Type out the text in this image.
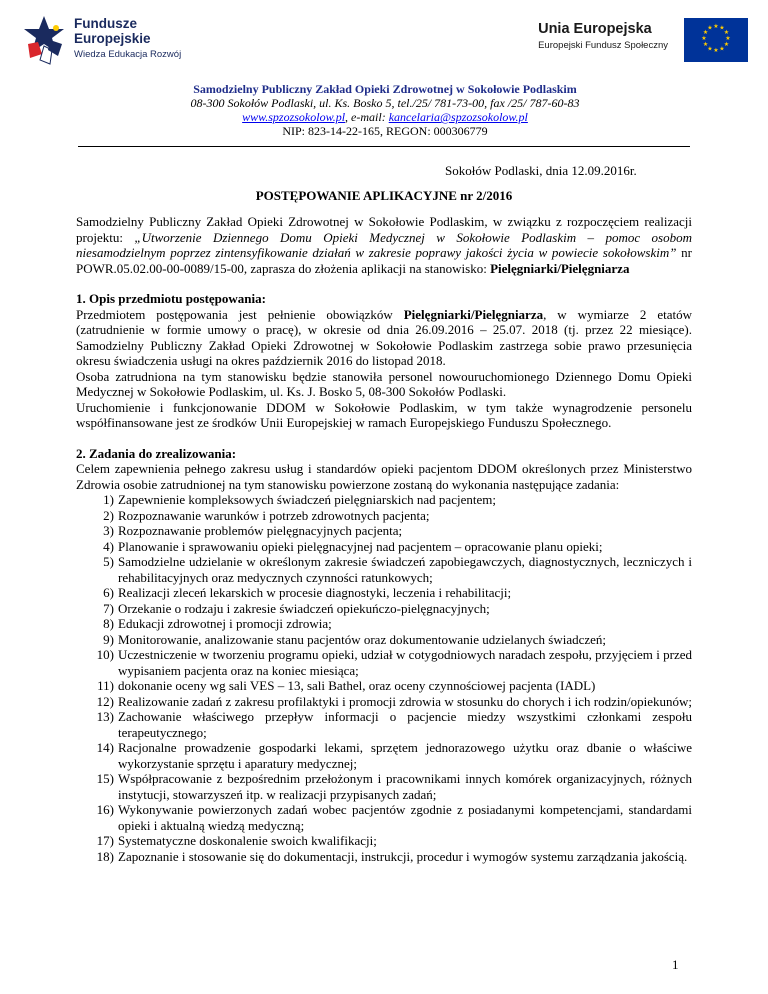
Fundusze
Europejskie
Wiedza Edukacja Rozwój
Unia Europejska
Europejski Fundusz Społeczny
★ ★
★
★
★
★
★
★
★
★
★
★
Samodzielny Publiczny Zakład Opieki Zdrowotnej w Sokołowie Podlaskim
08-300 Sokołów Podlaski, ul. Ks. Bosko 5, tel./25/ 781-73-00, fax /25/ 787-60-83
www.spzozsokolow.pl, e-mail: kancelaria@spzozsokolow.pl
NIP: 823-14-22-165, REGON: 000306779
Sokołów Podlaski, dnia 12.09.2016r.
POSTĘPOWANIE APLIKACYJNE nr 2/2016

Samodzielny Publiczny Zakład Opieki Zdrowotnej w Sokołowie Podlaskim, w związku z rozpoczęciem realizacji projektu: „Utworzenie Dziennego Domu Opieki Medycznej w Sokołowie Podlaskim – pomoc osobom niesamodzielnym poprzez zintensyfikowanie działań w zakresie poprawy jakości życia w powiecie sokołowskim” nr POWR.05.02.00-00-0089/15-00, zaprasza do złożenia aplikacji na stanowisko: Pielęgniarki/Pielęgniarza

1. Opis przedmiotu postępowania:

Przedmiotem postępowania jest pełnienie obowiązków Pielęgniarki/Pielęgniarza, w wymiarze 2 etatów (zatrudnienie w formie umowy o pracę), w okresie od dnia 26.09.2016 – 25.07. 2018 (tj. przez 22 miesiące). Samodzielny Publiczny Zakład Opieki Zdrowotnej w Sokołowie Podlaskim zastrzega sobie prawo przesunięcia okresu świadczenia usługi na okres październik 2016 do listopad 2018.

Osoba zatrudniona na tym stanowisku będzie stanowiła personel nowouruchomionego Dziennego Domu Opieki Medycznej w Sokołowie Podlaskim, ul. Ks. J. Bosko 5, 08-300 Sokołów Podlaski.

Uruchomienie i funkcjonowanie DDOM w Sokołowie Podlaskim, w tym także wynagrodzenie personelu współfinansowane jest ze środków Unii Europejskiej w ramach Europejskiego Funduszu Społecznego.

2. Zadania do zrealizowania:

Celem zapewnienia pełnego zakresu usług i standardów opieki pacjentom DDOM określonych przez Ministerstwo Zdrowia osobie zatrudnionej na tym stanowisku powierzone zostaną do wykonania następujące zadania:

1) Zapewnienie kompleksowych świadczeń pielęgniarskich nad pacjentem;
2) Rozpoznawanie warunków i potrzeb zdrowotnych pacjenta;
3) Rozpoznawanie problemów pielęgnacyjnych pacjenta;
4) Planowanie i sprawowaniu opieki pielęgnacyjnej nad pacjentem – opracowanie planu opieki;
5) Samodzielne udzielanie w określonym zakresie świadczeń zapobiegawczych, diagnostycznych, leczniczych i rehabilitacyjnych oraz medycznych czynności ratunkowych;
6) Realizacji zleceń lekarskich w procesie diagnostyki, leczenia i rehabilitacji;
7) Orzekanie o rodzaju i zakresie świadczeń opiekuńczo-pielęgnacyjnych;
8) Edukacji zdrowotnej i promocji zdrowia;
9) Monitorowanie, analizowanie stanu pacjentów oraz dokumentowanie udzielanych świadczeń;
10) Uczestniczenie w tworzeniu programu opieki, udział w cotygodniowych naradach zespołu, przyjęciem i przed wypisaniem pacjenta oraz na koniec miesiąca;
11) dokonanie oceny wg sali VES – 13, sali Bathel, oraz oceny czynnościowej pacjenta (IADL)
12) Realizowanie zadań z zakresu profilaktyki i promocji zdrowia w stosunku do chorych i ich rodzin/opiekunów;
13) Zachowanie właściwego przepływ informacji o pacjencie miedzy wszystkimi członkami zespołu terapeutycznego;
14) Racjonalne prowadzenie gospodarki lekami, sprzętem jednorazowego użytku oraz dbanie o właściwe wykorzystanie sprzętu i aparatury medycznej;
15) Współpracowanie z bezpośrednim przełożonym i pracownikami innych komórek organizacyjnych, różnych instytucji, stowarzyszeń itp. w realizacji przypisanych zadań;
16) Wykonywanie powierzonych zadań wobec pacjentów zgodnie z posiadanymi kompetencjami, standardami opieki i aktualną wiedzą medyczną;
17) Systematyczne doskonalenie swoich kwalifikacji;
18) Zapoznanie i stosowanie się do dokumentacji, instrukcji, procedur i wymogów systemu zarządzania jakością.
1
